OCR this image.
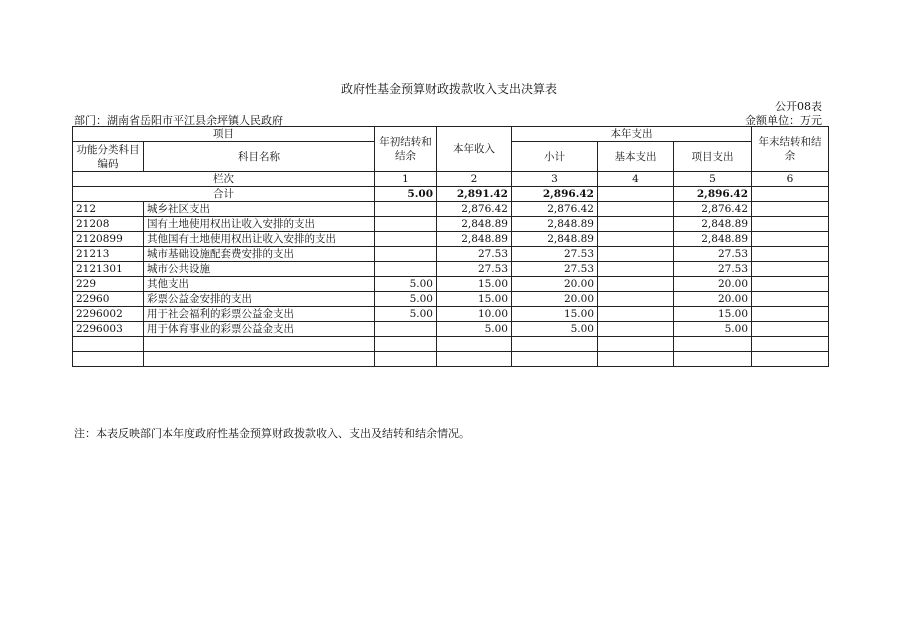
政府性基金预算财政拨款收入支出决算表
公开08表
部门：湖南省岳阳市平江县余坪镇人民政府	金额单位：万元
项目		年初结转和结余	本年收入	本年支出			年末结转和结余
功能分类科目编码	科目名称			小计	基本支出	项目支出	

栏次		1	2	3	4	5	6
合计		5.00	2,891.42	2,896.42		2,896.42	
212	城乡社区支出		2,876.42	2,876.42		2,876.42	
21208	国有土地使用权出让收入安排的支出		2,848.89	2,848.89		2,848.89	
2120899	其他国有土地使用权出让收入安排的支出		2,848.89	2,848.89		2,848.89	
21213	城市基础设施配套费安排的支出		27.53	27.53		27.53	
2121301	城市公共设施		27.53	27.53		27.53	
229	其他支出	5.00	15.00	20.00		20.00	
22960	彩票公益金安排的支出	5.00	15.00	20.00		20.00	
2296002	用于社会福利的彩票公益金支出	5.00	10.00	15.00		15.00	
2296003	用于体育事业的彩票公益金支出		5.00	5.00		5.00	

注：本表反映部门本年度政府性基金预算财政拨款收入、支出及结转和结余情况。
